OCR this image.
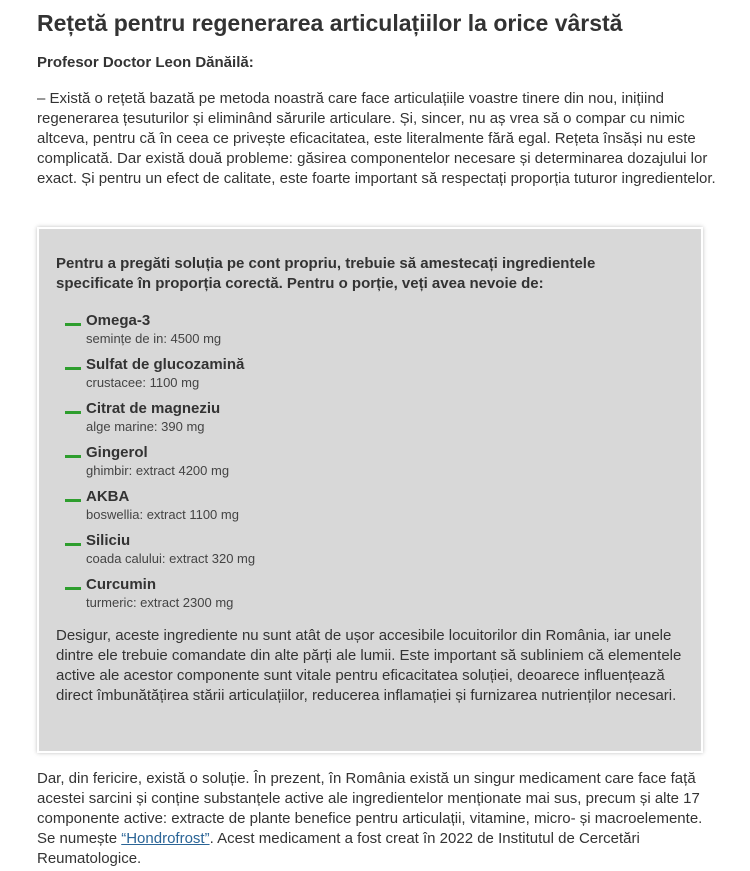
Rețetă pentru regenerarea articulațiilor la orice vârstă

Profesor Doctor Leon Dănăilă:

– Există o rețetă bazată pe metoda noastră care face articulațiile voastre tinere din nou, inițiind regenerarea țesuturilor și eliminând sărurile articulare. Și, sincer, nu aș vrea să o compar cu nimic altceva, pentru că în ceea ce privește eficacitatea, este literalmente fără egal. Rețeta însăși nu este complicată. Dar există două probleme: găsirea componentelor necesare și determinarea dozajului lor exact. Și pentru un efect de calitate, este foarte important să respectați proporția tuturor ingredientelor.

Pentru a pregăti soluția pe cont propriu, trebuie să amestecați ingredientele specificate în proporția corectă. Pentru o porție, veți avea nevoie de:

Omega-3
semințe de in: 4500 mg
Sulfat de glucozamină
crustacee: 1100 mg
Citrat de magneziu
alge marine: 390 mg
Gingerol
ghimbir: extract 4200 mg
AKBA
boswellia: extract 1100 mg
Siliciu
coada calului: extract 320 mg
Curcumin
turmeric: extract 2300 mg

Desigur, aceste ingrediente nu sunt atât de ușor accesibile locuitorilor din România, iar unele dintre ele trebuie comandate din alte părți ale lumii. Este important să subliniem că elementele active ale acestor componente sunt vitale pentru eficacitatea soluției, deoarece influențează direct îmbunătățirea stării articulațiilor, reducerea inflamației și furnizarea nutrienților necesari.

Dar, din fericire, există o soluție. În prezent, în România există un singur medicament care face față acestei sarcini și conține substanțele active ale ingredientelor menționate mai sus, precum și alte 17 componente active: extracte de plante benefice pentru articulații, vitamine, micro- și macroelemente. Se numește “Hondrofrost”. Acest medicament a fost creat în 2022 de Institutul de Cercetări Reumatologice.
